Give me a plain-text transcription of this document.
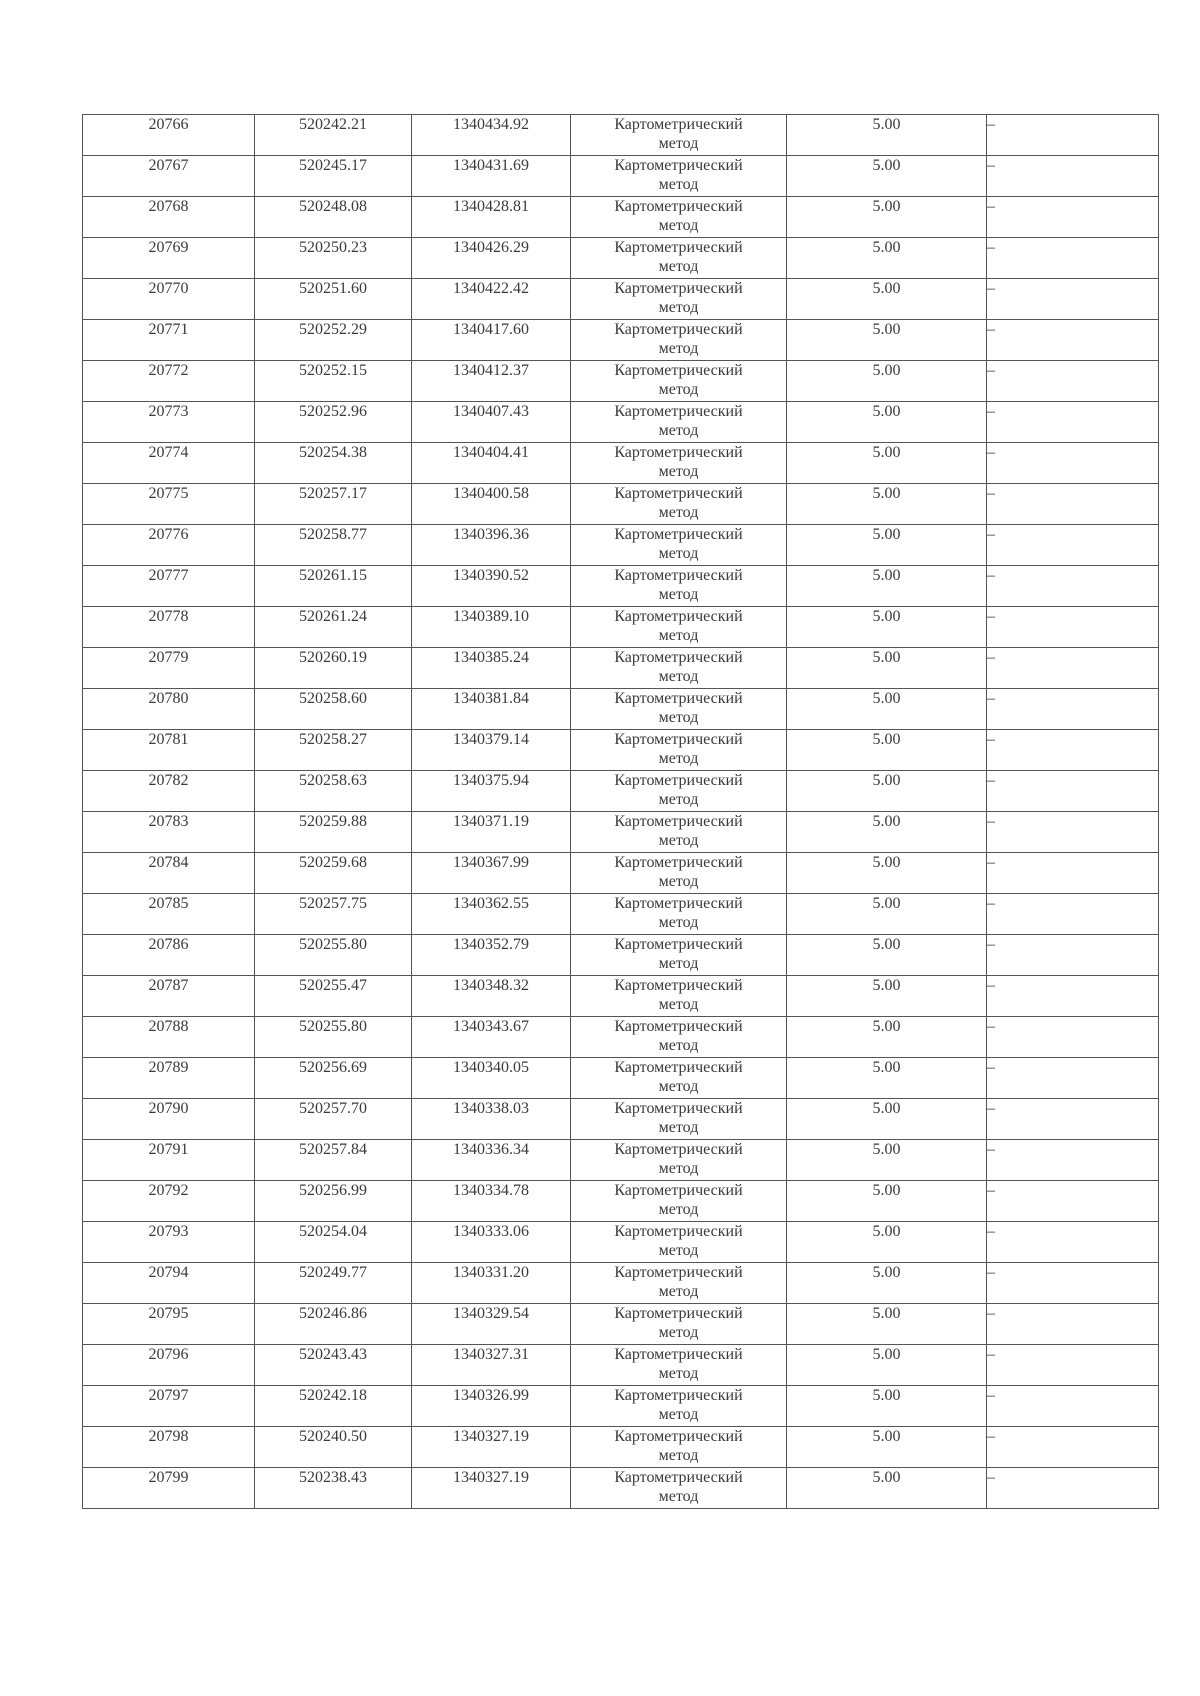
20766	520242.21	1340434.92	Картометрический
метод	5.00	–
20767	520245.17	1340431.69	Картометрический
метод	5.00	–
20768	520248.08	1340428.81	Картометрический
метод	5.00	–
20769	520250.23	1340426.29	Картометрический
метод	5.00	–
20770	520251.60	1340422.42	Картометрический
метод	5.00	–
20771	520252.29	1340417.60	Картометрический
метод	5.00	–
20772	520252.15	1340412.37	Картометрический
метод	5.00	–
20773	520252.96	1340407.43	Картометрический
метод	5.00	–
20774	520254.38	1340404.41	Картометрический
метод	5.00	–
20775	520257.17	1340400.58	Картометрический
метод	5.00	–
20776	520258.77	1340396.36	Картометрический
метод	5.00	–
20777	520261.15	1340390.52	Картометрический
метод	5.00	–
20778	520261.24	1340389.10	Картометрический
метод	5.00	–
20779	520260.19	1340385.24	Картометрический
метод	5.00	–
20780	520258.60	1340381.84	Картометрический
метод	5.00	–
20781	520258.27	1340379.14	Картометрический
метод	5.00	–
20782	520258.63	1340375.94	Картометрический
метод	5.00	–
20783	520259.88	1340371.19	Картометрический
метод	5.00	–
20784	520259.68	1340367.99	Картометрический
метод	5.00	–
20785	520257.75	1340362.55	Картометрический
метод	5.00	–
20786	520255.80	1340352.79	Картометрический
метод	5.00	–
20787	520255.47	1340348.32	Картометрический
метод	5.00	–
20788	520255.80	1340343.67	Картометрический
метод	5.00	–
20789	520256.69	1340340.05	Картометрический
метод	5.00	–
20790	520257.70	1340338.03	Картометрический
метод	5.00	–
20791	520257.84	1340336.34	Картометрический
метод	5.00	–
20792	520256.99	1340334.78	Картометрический
метод	5.00	–
20793	520254.04	1340333.06	Картометрический
метод	5.00	–
20794	520249.77	1340331.20	Картометрический
метод	5.00	–
20795	520246.86	1340329.54	Картометрический
метод	5.00	–
20796	520243.43	1340327.31	Картометрический
метод	5.00	–
20797	520242.18	1340326.99	Картометрический
метод	5.00	–
20798	520240.50	1340327.19	Картометрический
метод	5.00	–
20799	520238.43	1340327.19	Картометрический
метод	5.00	–
